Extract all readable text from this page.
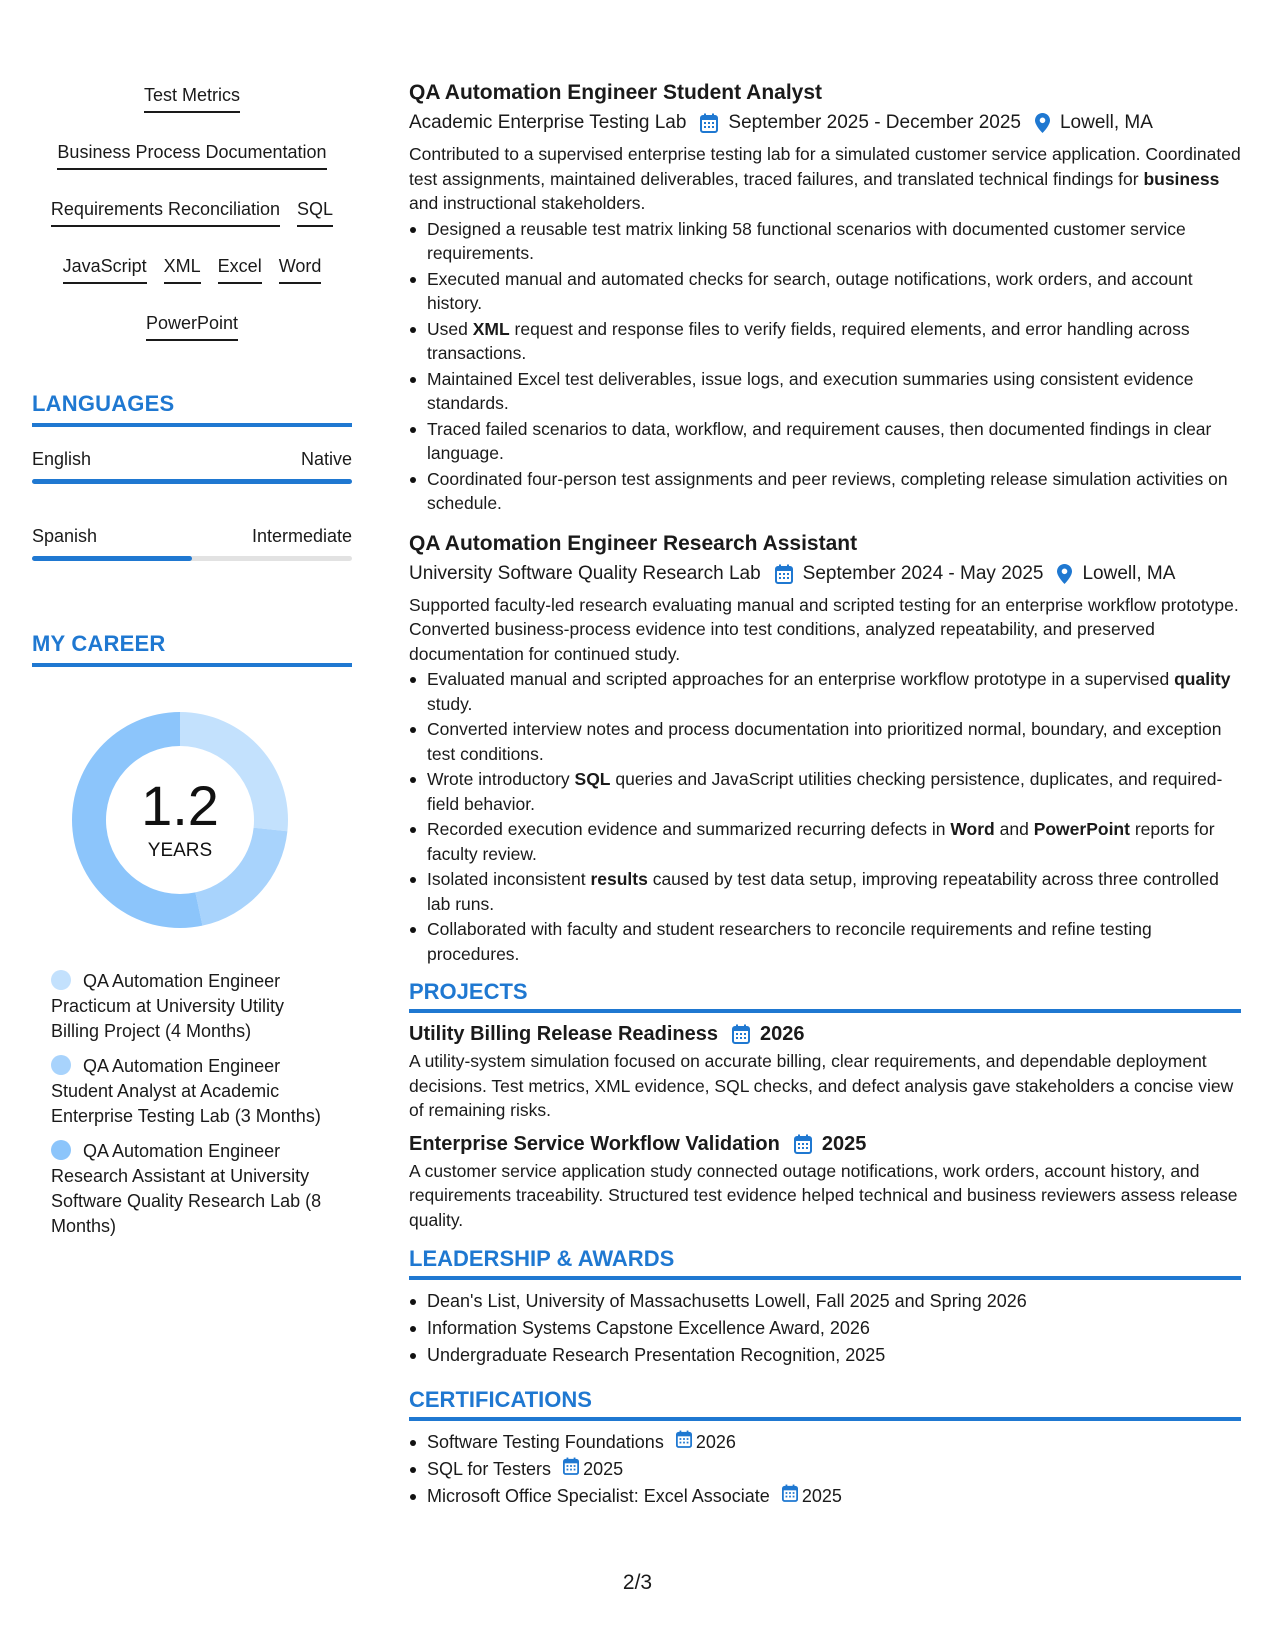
Test Metrics
Business Process Documentation
Requirements Reconciliation SQL
JavaScript XML Excel Word
PowerPoint
LANGUAGES
English	Native
Spanish	Intermediate
MY CAREER
1.2
YEARS
QA Automation Engineer Practicum at University Utility Billing Project (4 Months)
QA Automation Engineer Student Analyst at Academic Enterprise Testing Lab (3 Months)
QA Automation Engineer Research Assistant at University Software Quality Research Lab (8 Months)
QA Automation Engineer Student Analyst
Academic Enterprise Testing Lab September 2025 - December 2025 Lowell, MA
Contributed to a supervised enterprise testing lab for a simulated customer service application. Coordinated test assignments, maintained deliverables, traced failures, and translated technical findings for business and instructional stakeholders.
Designed a reusable test matrix linking 58 functional scenarios with documented customer service requirements.
Executed manual and automated checks for search, outage notifications, work orders, and account history.
Used XML request and response files to verify fields, required elements, and error handling across transactions.
Maintained Excel test deliverables, issue logs, and execution summaries using consistent evidence standards.
Traced failed scenarios to data, workflow, and requirement causes, then documented findings in clear language.
Coordinated four-person test assignments and peer reviews, completing release simulation activities on schedule.
QA Automation Engineer Research Assistant
University Software Quality Research Lab September 2024 - May 2025 Lowell, MA
Supported faculty-led research evaluating manual and scripted testing for an enterprise workflow prototype. Converted business-process evidence into test conditions, analyzed repeatability, and preserved documentation for continued study.
Evaluated manual and scripted approaches for an enterprise workflow prototype in a supervised quality study.
Converted interview notes and process documentation into prioritized normal, boundary, and exception test conditions.
Wrote introductory SQL queries and JavaScript utilities checking persistence, duplicates, and required-field behavior.
Recorded execution evidence and summarized recurring defects in Word and PowerPoint reports for faculty review.
Isolated inconsistent results caused by test data setup, improving repeatability across three controlled lab runs.
Collaborated with faculty and student researchers to reconcile requirements and refine testing procedures.
PROJECTS
Utility Billing Release Readiness 2026
A utility-system simulation focused on accurate billing, clear requirements, and dependable deployment decisions. Test metrics, XML evidence, SQL checks, and defect analysis gave stakeholders a concise view of remaining risks.
Enterprise Service Workflow Validation 2025
A customer service application study connected outage notifications, work orders, account history, and requirements traceability. Structured test evidence helped technical and business reviewers assess release quality.
LEADERSHIP & AWARDS
Dean's List, University of Massachusetts Lowell, Fall 2025 and Spring 2026
Information Systems Capstone Excellence Award, 2026
Undergraduate Research Presentation Recognition, 2025
CERTIFICATIONS
Software Testing Foundations 2026
SQL for Testers 2025
Microsoft Office Specialist: Excel Associate 2025
2/3
